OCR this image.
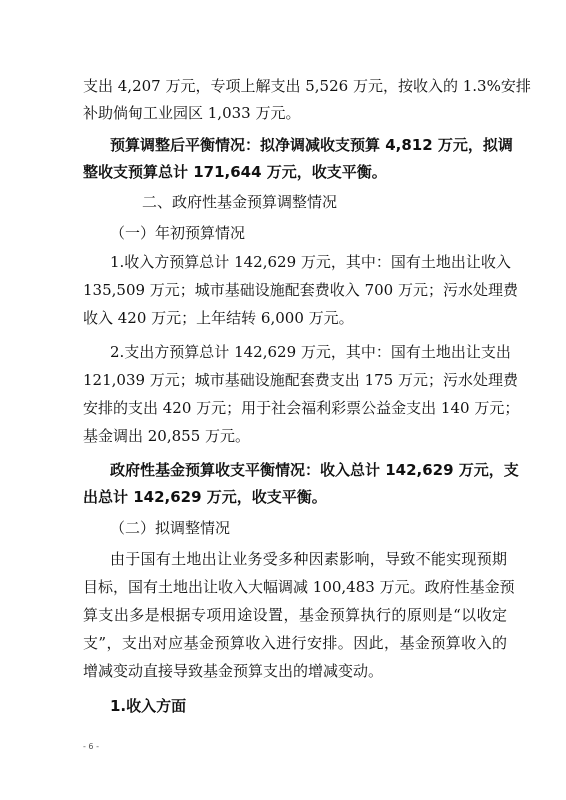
支出 4,207 万元，专项上解支出 5,526 万元，按收入的 1.3%安排
补助倘甸工业园区 1,033 万元。
预算调整后平衡情况：拟净调减收支预算 4,812 万元，拟调
整收支预算总计 171,644 万元，收支平衡。
二、政府性基金预算调整情况
（一）年初预算情况
1.收入方预算总计 142,629 万元，其中：国有土地出让收入
135,509 万元；城市基础设施配套费收入 700 万元；污水处理费
收入 420 万元；上年结转 6,000 万元。
2.支出方预算总计 142,629 万元，其中：国有土地出让支出
121,039 万元；城市基础设施配套费支出 175 万元；污水处理费
安排的支出 420 万元；用于社会福利彩票公益金支出 140 万元；
基金调出 20,855 万元。
政府性基金预算收支平衡情况：收入总计 142,629 万元，支
出总计 142,629 万元，收支平衡。
（二）拟调整情况
由于国有土地出让业务受多种因素影响，导致不能实现预期
目标，国有土地出让收入大幅调减 100,483 万元。政府性基金预
算支出多是根据专项用途设置，基金预算执行的原则是“以收定
支”，支出对应基金预算收入进行安排。因此，基金预算收入的
增减变动直接导致基金预算支出的增减变动。
1.收入方面
- 6 -
